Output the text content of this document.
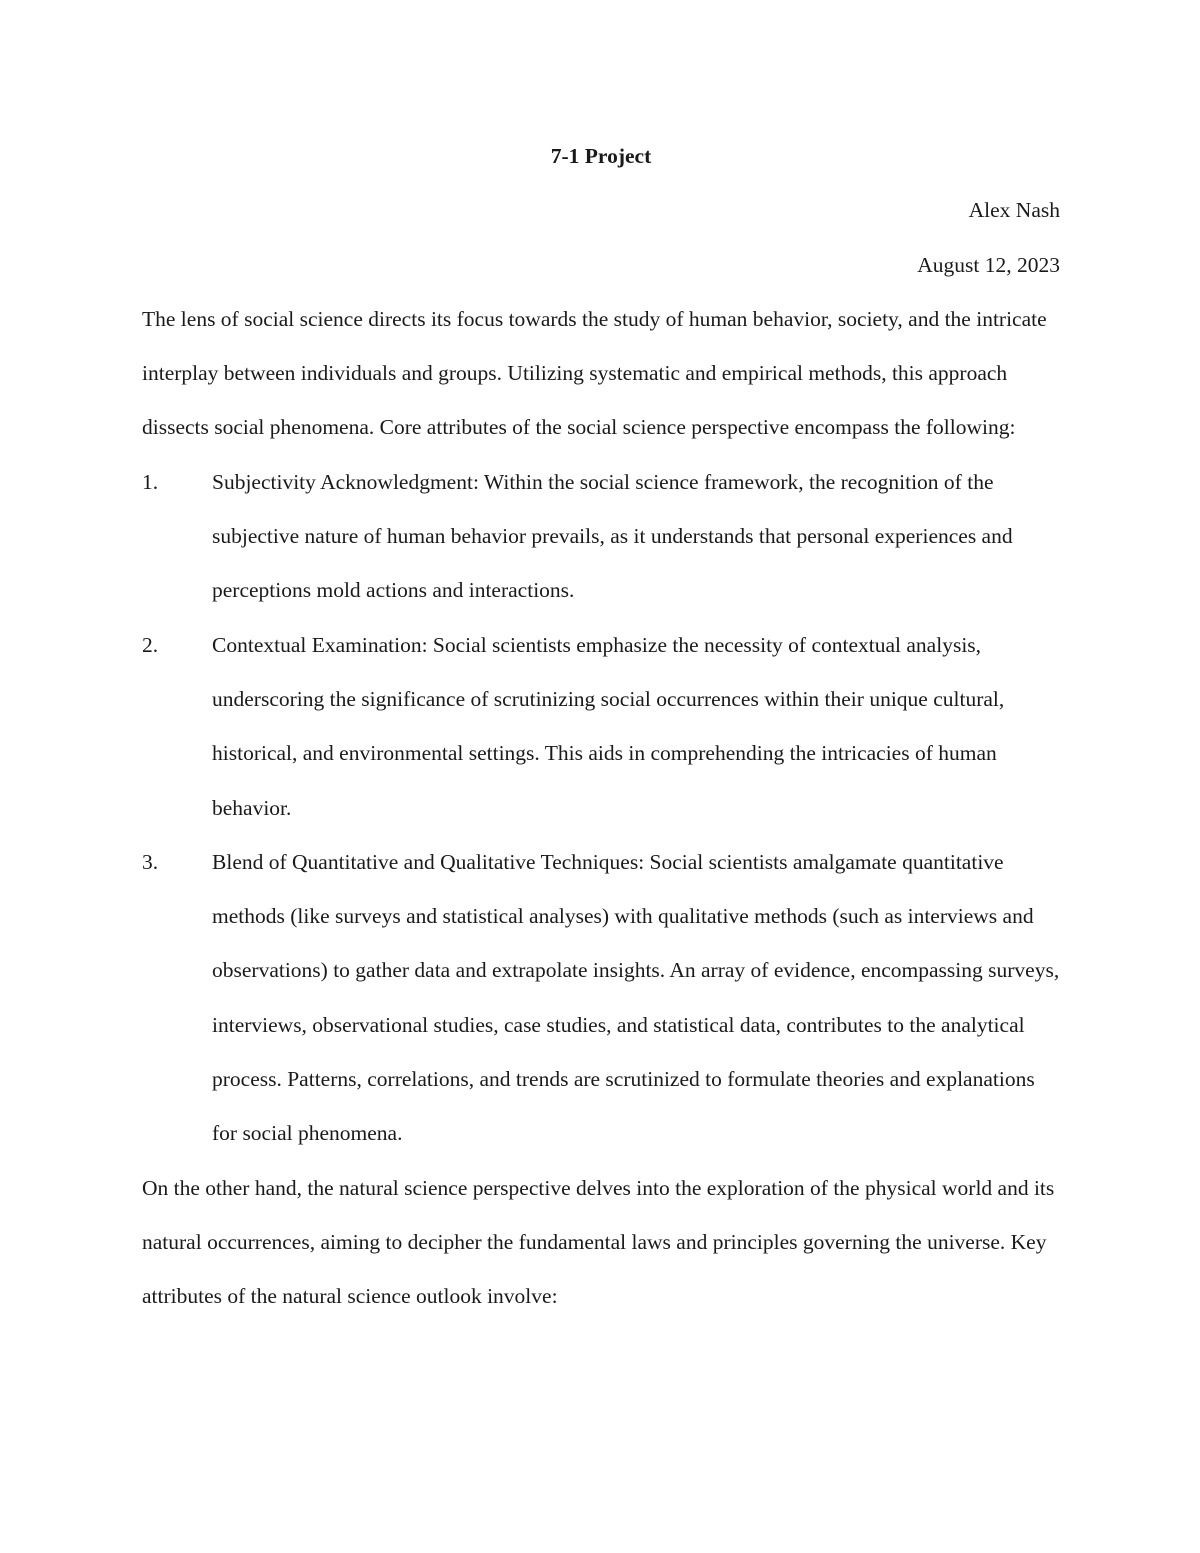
7-1 Project

Alex Nash

August 12, 2023

The lens of social science directs its focus towards the study of human behavior, society, and the intricate interplay between individuals and groups. Utilizing systematic and empirical methods, this approach dissects social phenomena. Core attributes of the social science perspective encompass the following:

1.	Subjectivity Acknowledgment: Within the social science framework, the recognition of the subjective nature of human behavior prevails, as it understands that personal experiences and perceptions mold actions and interactions.
2.	Contextual Examination: Social scientists emphasize the necessity of contextual analysis, underscoring the significance of scrutinizing social occurrences within their unique cultural, historical, and environmental settings. This aids in comprehending the intricacies of human behavior.
3.	Blend of Quantitative and Qualitative Techniques: Social scientists amalgamate quantitative methods (like surveys and statistical analyses) with qualitative methods (such as interviews and observations) to gather data and extrapolate insights. An array of evidence, encompassing surveys, interviews, observational studies, case studies, and statistical data, contributes to the analytical process. Patterns, correlations, and trends are scrutinized to formulate theories and explanations for social phenomena.

On the other hand, the natural science perspective delves into the exploration of the physical world and its natural occurrences, aiming to decipher the fundamental laws and principles governing the universe. Key attributes of the natural science outlook involve:
